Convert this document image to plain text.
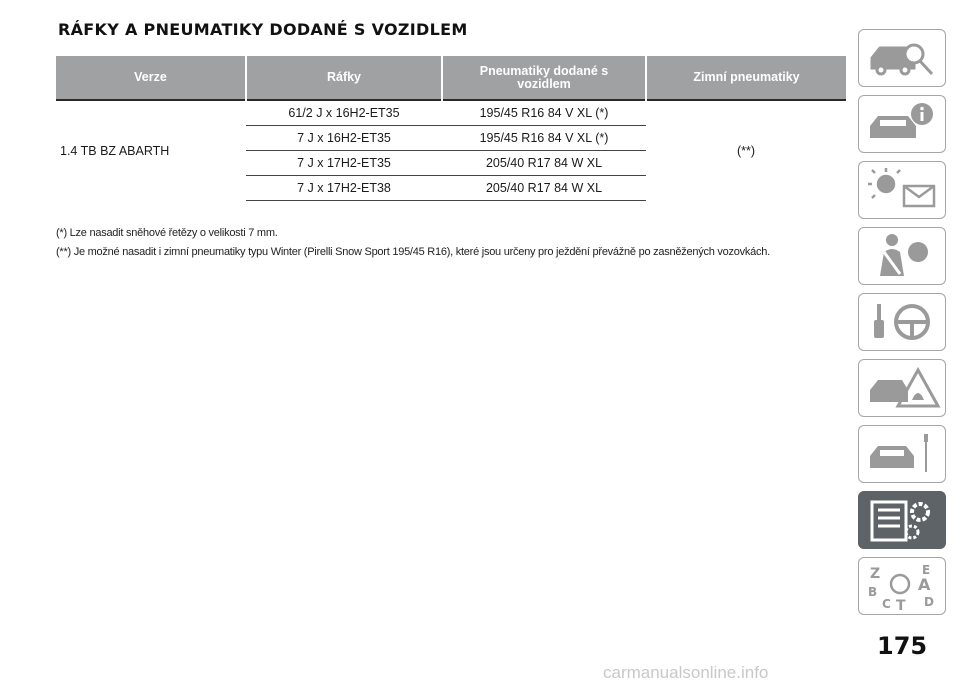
RÁFKY A PNEUMATIKY DODANÉ S VOZIDLEM
Verze	Ráfky	Pneumatiky dodané s vozidlem	Zimní pneumatiky
1.4 TB BZ ABARTH	61/2 J x 16H2-ET35	195/45 R16 84 V XL (*)	(**)
	7 J x 16H2-ET35	195/45 R16 84 V XL (*)	
	7 J x 17H2-ET35	205/40 R17 84 W XL	
	7 J x 17H2-ET38	205/40 R17 84 W XL	

(*) Lze nasadit sněhové řetězy o velikosti 7 mm.

(**) Je možné nasadit i zimní pneumatiky typu Winter (Pirelli Snow Sport 195/45 R16), které jsou určeny pro ježdění převážně po zasněžených vozovkách.

Z	E
B	A
C T D
175
carmanualsonline.info
